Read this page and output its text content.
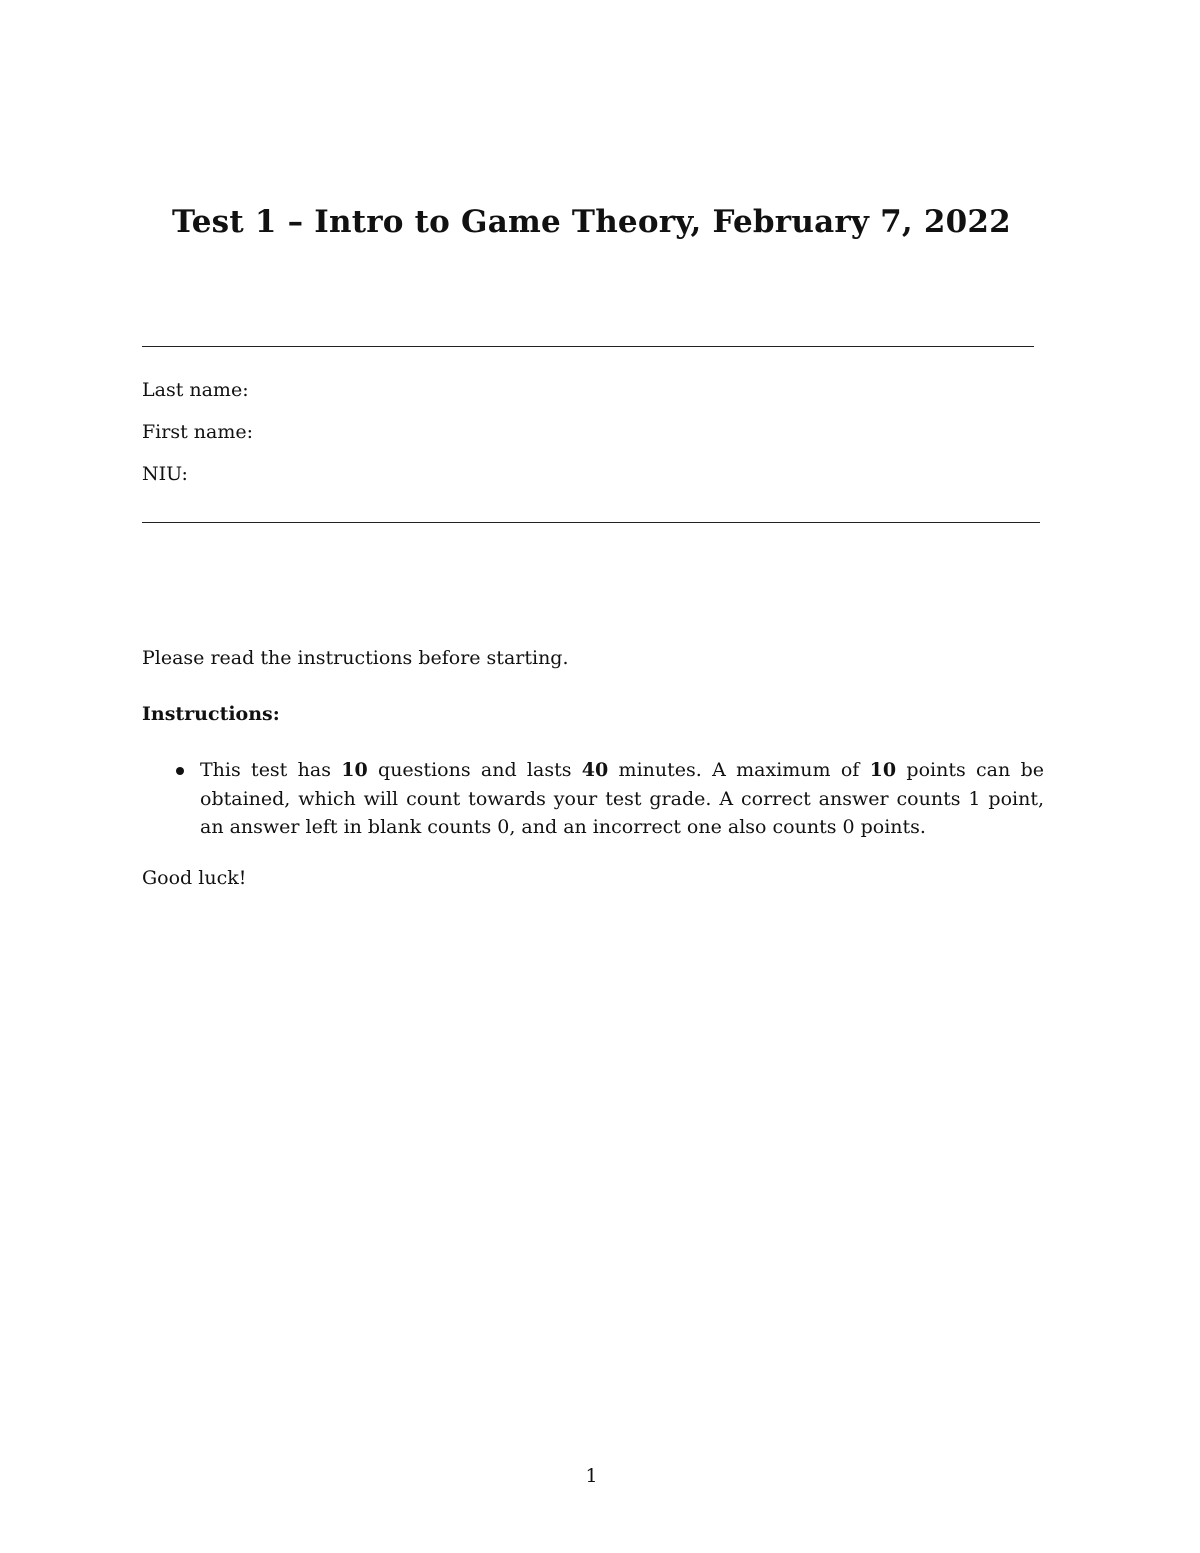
Test 1 – Intro to Game Theory, February 7, 2022
Last name:
First name:
NIU:
Please read the instructions before starting.
Instructions:
This test has 10 questions and lasts 40 minutes. A maximum of 10 points can be obtained, which will count towards your test grade. A correct answer counts 1 point, an answer left in blank counts 0, and an incorrect one also counts 0 points.
Good luck!
1
